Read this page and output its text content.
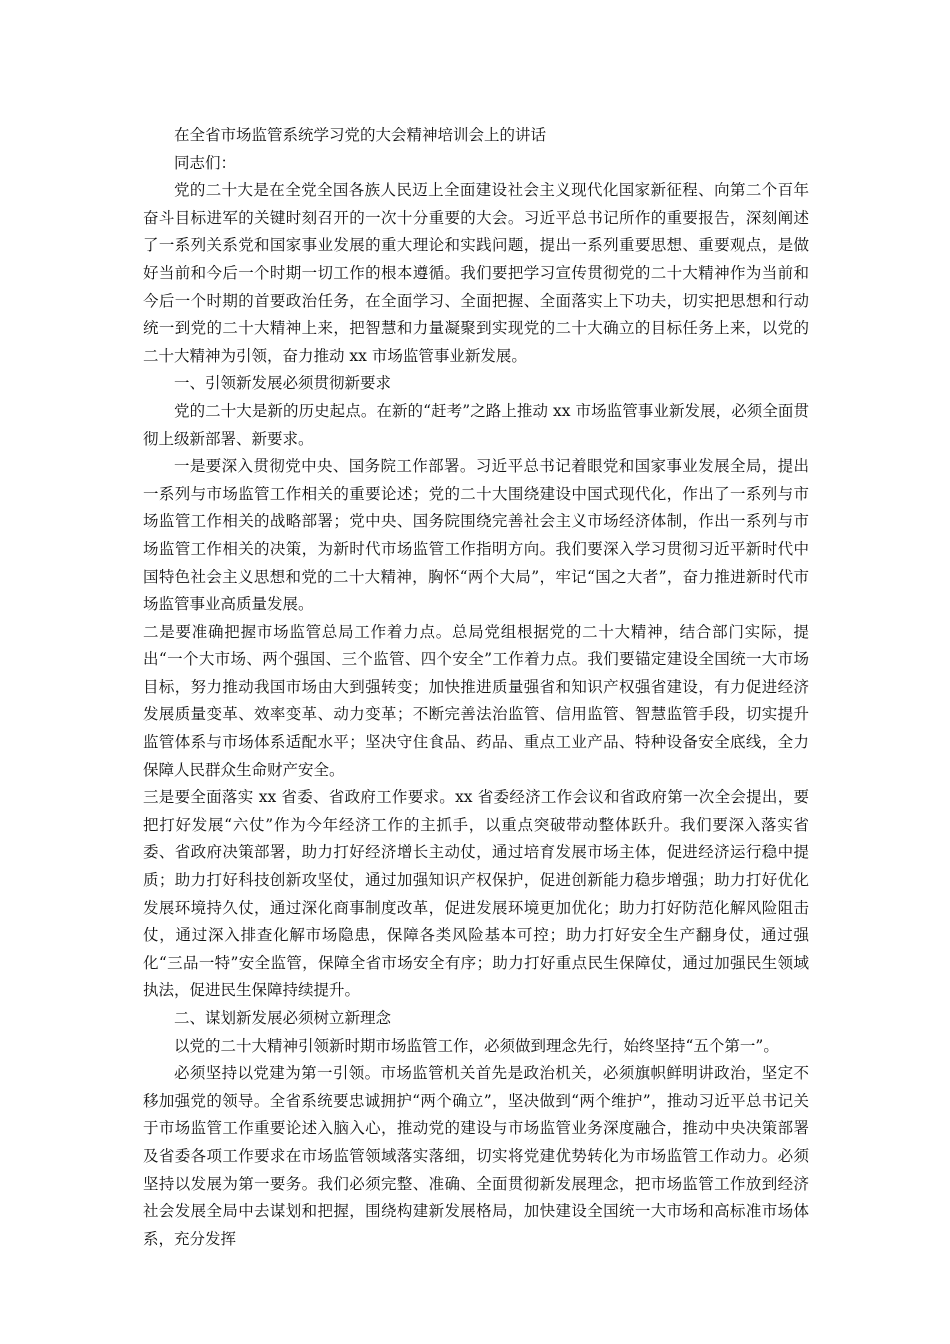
在全省市场监管系统学习党的大会精神培训会上的讲话

同志们：

党的二十大是在全党全国各族人民迈上全面建设社会主义现代化国家新征程、向第二个百年奋斗目标进军的关键时刻召开的一次十分重要的大会。习近平总书记所作的重要报告，深刻阐述了一系列关系党和国家事业发展的重大理论和实践问题，提出一系列重要思想、重要观点，是做好当前和今后一个时期一切工作的根本遵循。我们要把学习宣传贯彻党的二十大精神作为当前和今后一个时期的首要政治任务，在全面学习、全面把握、全面落实上下功夫，切实把思想和行动统一到党的二十大精神上来，把智慧和力量凝聚到实现党的二十大确立的目标任务上来，以党的二十大精神为引领，奋力推动 xx 市场监管事业新发展。

一、引领新发展必须贯彻新要求

党的二十大是新的历史起点。在新的“赶考”之路上推动 xx 市场监管事业新发展，必须全面贯彻上级新部署、新要求。

一是要深入贯彻党中央、国务院工作部署。习近平总书记着眼党和国家事业发展全局，提出一系列与市场监管工作相关的重要论述；党的二十大围绕建设中国式现代化，作出了一系列与市场监管工作相关的战略部署；党中央、国务院围绕完善社会主义市场经济体制，作出一系列与市场监管工作相关的决策，为新时代市场监管工作指明方向。我们要深入学习贯彻习近平新时代中国特色社会主义思想和党的二十大精神，胸怀“两个大局”，牢记“国之大者”，奋力推进新时代市场监管事业高质量发展。

二是要准确把握市场监管总局工作着力点。总局党组根据党的二十大精神，结合部门实际，提出“一个大市场、两个强国、三个监管、四个安全”工作着力点。我们要锚定建设全国统一大市场目标，努力推动我国市场由大到强转变；加快推进质量强省和知识产权强省建设，有力促进经济发展质量变革、效率变革、动力变革；不断完善法治监管、信用监管、智慧监管手段，切实提升监管体系与市场体系适配水平；坚决守住食品、药品、重点工业产品、特种设备安全底线，全力保障人民群众生命财产安全。

三是要全面落实 xx 省委、省政府工作要求。xx 省委经济工作会议和省政府第一次全会提出，要把打好发展“六仗”作为今年经济工作的主抓手，以重点突破带动整体跃升。我们要深入落实省委、省政府决策部署，助力打好经济增长主动仗，通过培育发展市场主体，促进经济运行稳中提质；助力打好科技创新攻坚仗，通过加强知识产权保护，促进创新能力稳步增强；助力打好优化发展环境持久仗，通过深化商事制度改革，促进发展环境更加优化；助力打好防范化解风险阻击仗，通过深入排查化解市场隐患，保障各类风险基本可控；助力打好安全生产翻身仗，通过强化“三品一特”安全监管，保障全省市场安全有序；助力打好重点民生保障仗，通过加强民生领域执法，促进民生保障持续提升。

二、谋划新发展必须树立新理念

以党的二十大精神引领新时期市场监管工作，必须做到理念先行，始终坚持“五个第一”。

必须坚持以党建为第一引领。市场监管机关首先是政治机关，必须旗帜鲜明讲政治，坚定不移加强党的领导。全省系统要忠诚拥护“两个确立”，坚决做到“两个维护”，推动习近平总书记关于市场监管工作重要论述入脑入心，推动党的建设与市场监管业务深度融合，推动中央决策部署及省委各项工作要求在市场监管领域落实落细，切实将党建优势转化为市场监管工作动力。必须坚持以发展为第一要务。我们必须完整、准确、全面贯彻新发展理念，把市场监管工作放到经济社会发展全局中去谋划和把握，围绕构建新发展格局，加快建设全国统一大市场和高标准市场体系，充分发挥
